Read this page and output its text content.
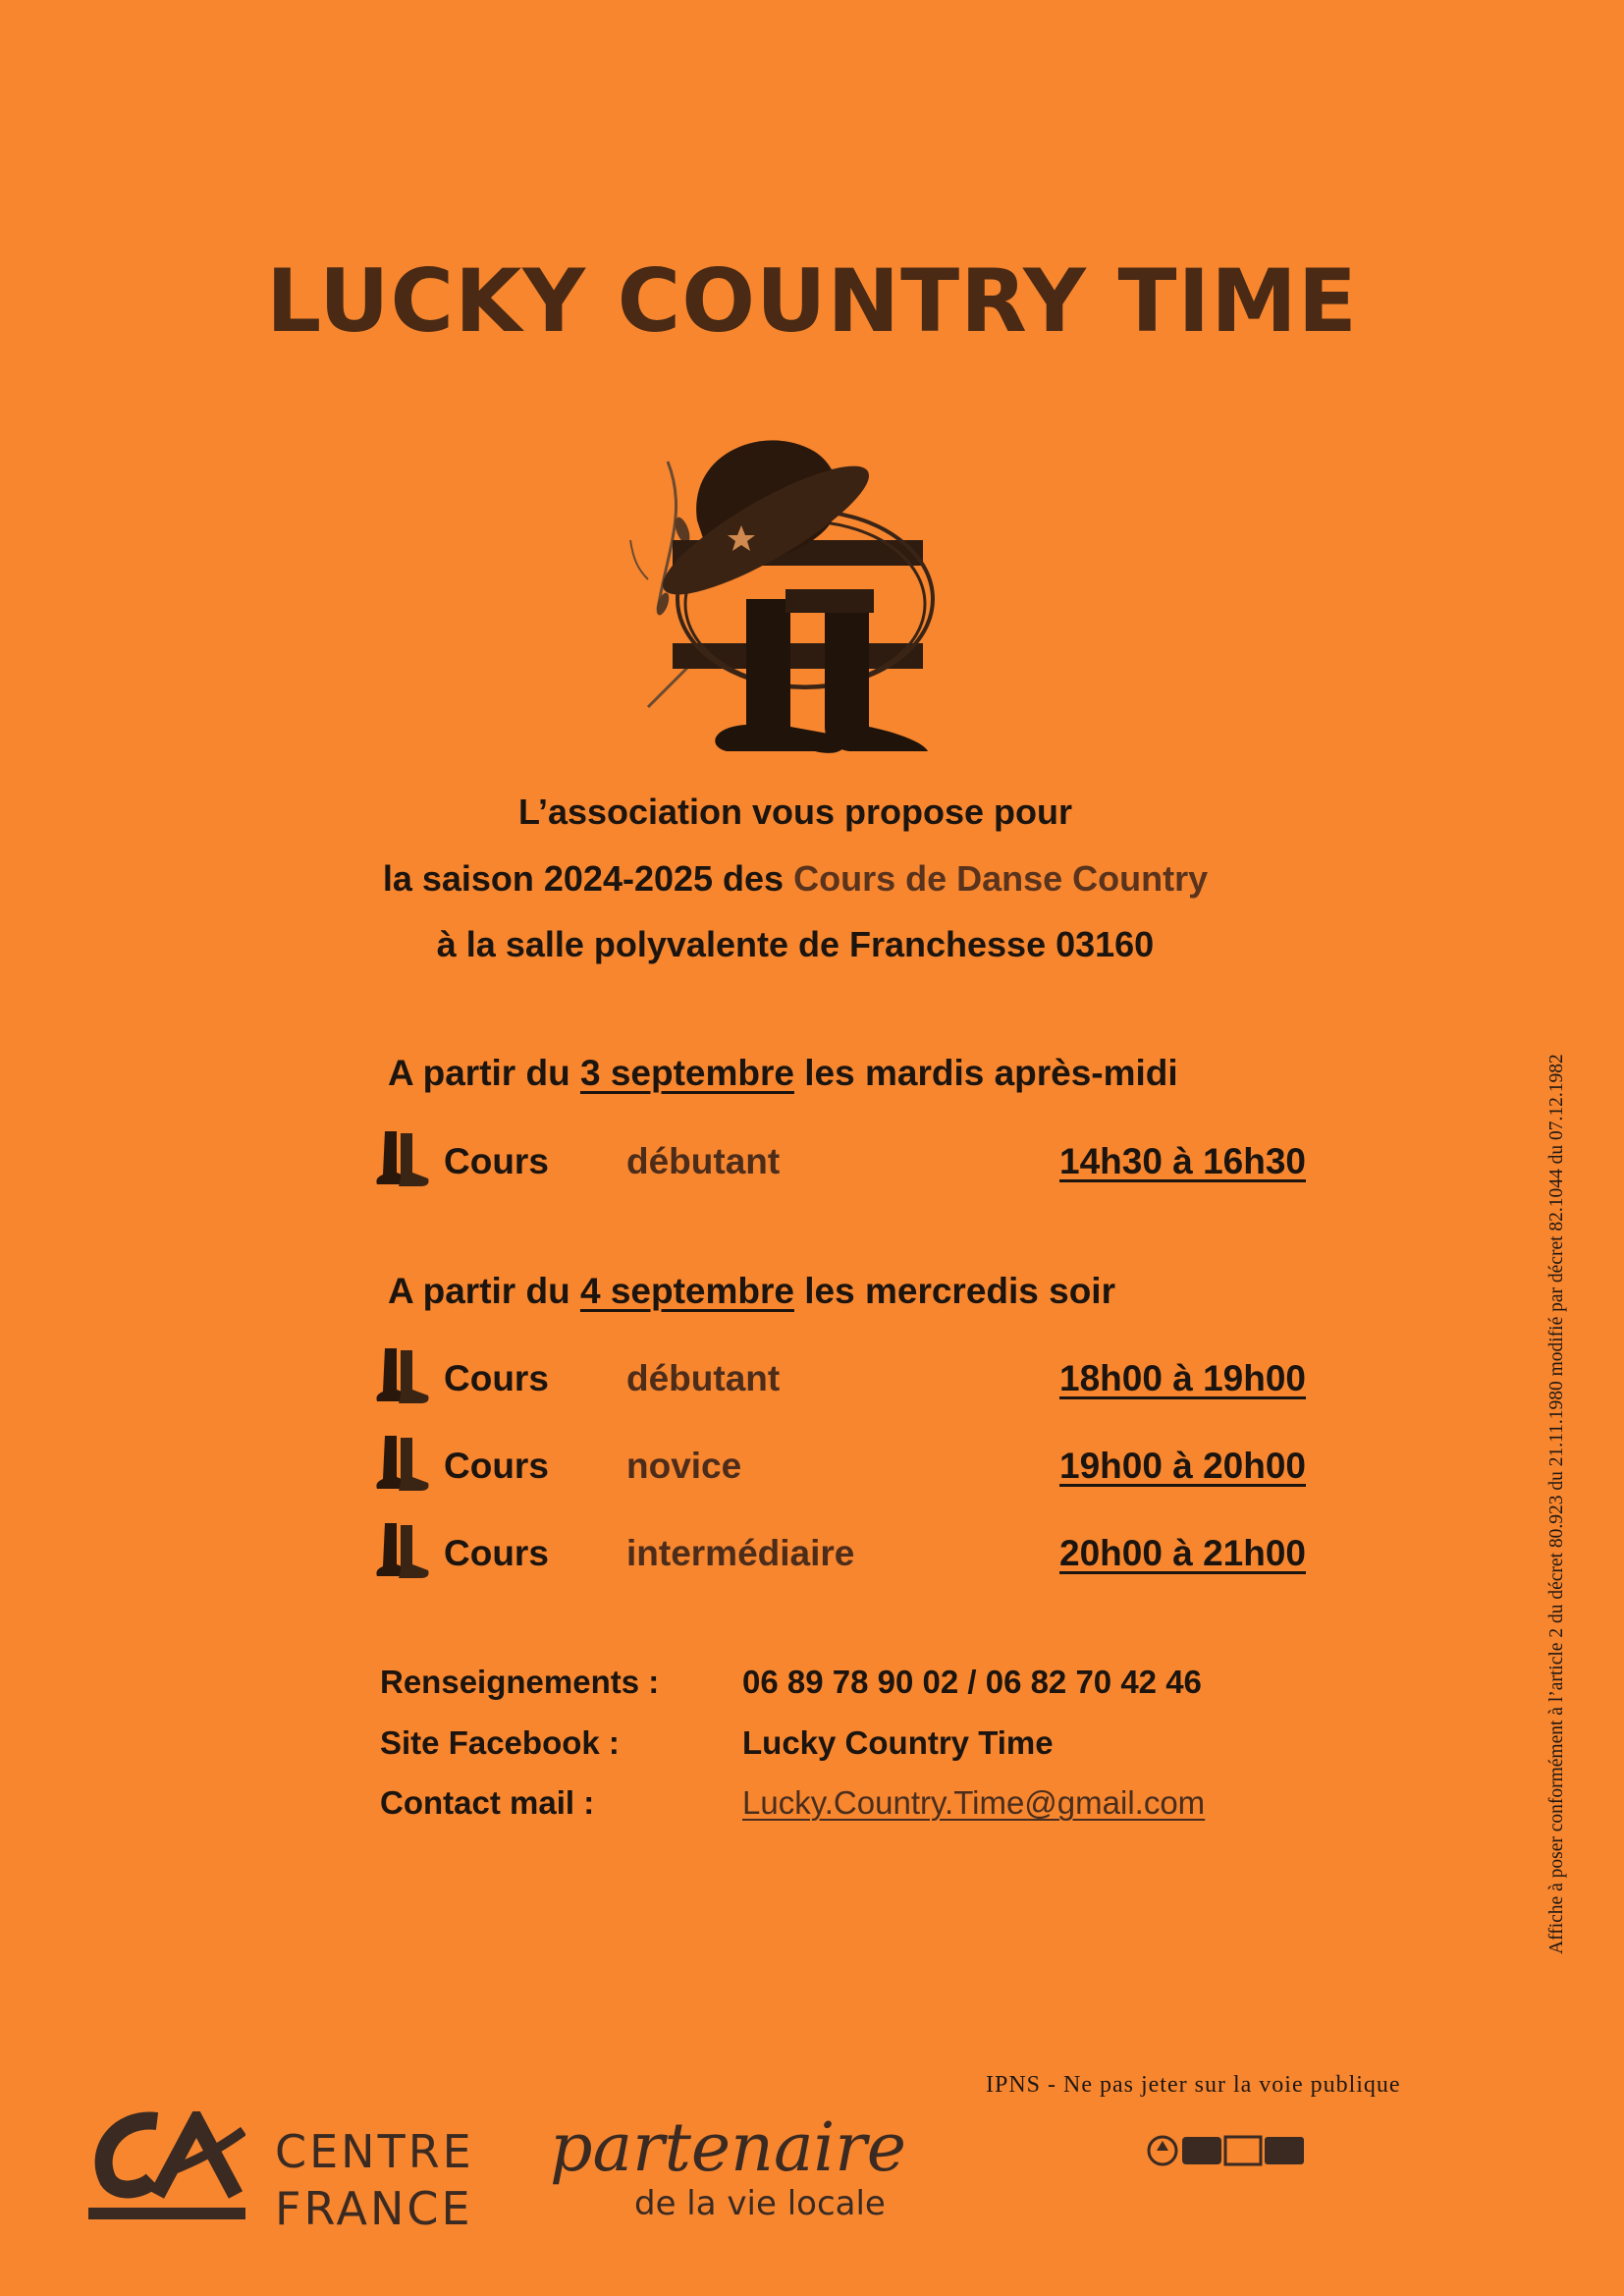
LUCKY COUNTRY TIME
L’association vous propose pour
la saison 2024-2025 des Cours de Danse Country
à la salle polyvalente de Franchesse 03160
A partir du 3 septembre les mardis après-midi
Cours débutant	14h30 à 16h30
A partir du 4 septembre les mercredis soir
Cours débutant	18h00 à 19h00
Cours novice	19h00 à 20h00
Cours intermédiaire	20h00 à 21h00
Renseignements :	06 89 78 90 02 / 06 82 70 42 46
Site Facebook :	Lucky Country Time
Contact mail :	Lucky.Country.Time@gmail.com	Affiche à poser conformément à l’article 2 du décret 80.923 du 21.11.1980 modifié par décret 82.1044 du 07.12.1982
IPNS - Ne pas jeter sur la voie publique
CENTRE
FRANCE
partenaire
de la vie locale
